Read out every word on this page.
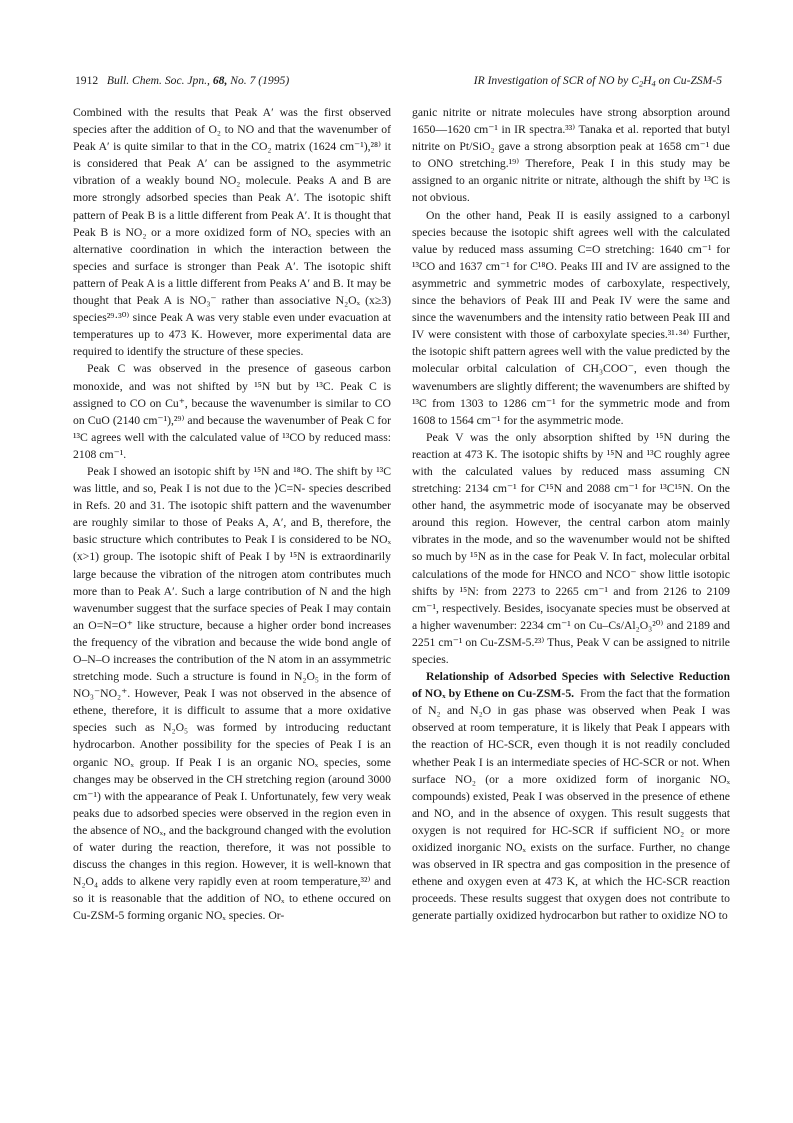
1912 Bull. Chem. Soc. Jpn., 68, No. 7 (1995)	IR Investigation of SCR of NO by $C_2H_4$ on Cu-ZSM-5

Combined with the results that Peak A′ was the first observed species after the addition of O₂ to NO and that the wavenumber of Peak A′ is quite similar to that in the CO₂ matrix (1624 cm⁻¹),²⁸⁾ it is considered that Peak A′ can be assigned to the asymmetric vibration of a weakly bound NO₂ molecule. Peaks A and B are more strongly adsorbed species than Peak A′. The isotopic shift pattern of Peak B is a little different from Peak A′. It is thought that Peak B is NO₂ or a more oxidized form of NOₓ species with an alternative coordination in which the interaction between the species and surface is stronger than Peak A′. The isotopic shift pattern of Peak A is a little different from Peaks A′ and B. It may be thought that Peak A is NO₃⁻ rather than associative N₂Oₓ (x≥3) species²⁹·³⁰⁾ since Peak A was very stable even under evacuation at temperatures up to 473 K. However, more experimental data are required to identify the structure of these species.

Peak C was observed in the presence of gaseous carbon monoxide, and was not shifted by ¹⁵N but by ¹³C. Peak C is assigned to CO on Cu⁺, because the wavenumber is similar to CO on CuO (2140 cm⁻¹),²⁹⁾ and because the wavenumber of Peak C for ¹³C agrees well with the calculated value of ¹³CO by reduced mass: 2108 cm⁻¹.

Peak I showed an isotopic shift by ¹⁵N and ¹⁸O. The shift by ¹³C was little, and so, Peak I is not due to the ⟩C=N- species described in Refs. 20 and 31. The isotopic shift pattern and the wavenumber are roughly similar to those of Peaks A, A′, and B, therefore, the basic structure which contributes to Peak I is considered to be NOₓ (x>1) group. The isotopic shift of Peak I by ¹⁵N is extraordinarily large because the vibration of the nitrogen atom contributes much more than to Peak A′. Such a large contribution of N and the high wavenumber suggest that the surface species of Peak I may contain an O=N=O⁺ like structure, because a higher order bond increases the frequency of the vibration and because the wide bond angle of O–N–O increases the contribution of the N atom in an assymmetric stretching mode. Such a structure is found in N₂O₅ in the form of NO₃⁻NO₂⁺. However, Peak I was not observed in the absence of ethene, therefore, it is difficult to assume that a more oxidative species such as N₂O₅ was formed by introducing reductant hydrocarbon. Another possibility for the species of Peak I is an organic NOₓ group. If Peak I is an organic NOₓ species, some changes may be observed in the CH stretching region (around 3000 cm⁻¹) with the appearance of Peak I. Unfortunately, few very weak peaks due to adsorbed species were observed in the region even in the absence of NOₓ, and the background changed with the evolution of water during the reaction, therefore, it was not possible to discuss the changes in this region. However, it is well-known that N₂O₄ adds to alkene very rapidly even at room temperature,³²⁾ and so it is reasonable that the addition of NOₓ to ethene occured on Cu-ZSM-5 forming organic NOₓ species. Or-

ganic nitrite or nitrate molecules have strong absorption around 1650—1620 cm⁻¹ in IR spectra.³³⁾ Tanaka et al. reported that butyl nitrite on Pt/SiO₂ gave a strong absorption peak at 1658 cm⁻¹ due to ONO stretching.¹⁹⁾ Therefore, Peak I in this study may be assigned to an organic nitrite or nitrate, although the shift by ¹³C is not obvious.

On the other hand, Peak II is easily assigned to a carbonyl species because the isotopic shift agrees well with the calculated value by reduced mass assuming C=O stretching: 1640 cm⁻¹ for ¹³CO and 1637 cm⁻¹ for C¹⁸O. Peaks III and IV are assigned to the asymmetric and symmetric modes of carboxylate, respectively, since the behaviors of Peak III and Peak IV were the same and since the wavenumbers and the intensity ratio between Peak III and IV were consistent with those of carboxylate species.³¹·³⁴⁾ Further, the isotopic shift pattern agrees well with the value predicted by the molecular orbital calculation of CH₃COO⁻, even though the wavenumbers are slightly different; the wavenumbers are shifted by ¹³C from 1303 to 1286 cm⁻¹ for the symmetric mode and from 1608 to 1564 cm⁻¹ for the asymmetric mode.

Peak V was the only absorption shifted by ¹⁵N during the reaction at 473 K. The isotopic shifts by ¹⁵N and ¹³C roughly agree with the calculated values by reduced mass assuming CN stretching: 2134 cm⁻¹ for C¹⁵N and 2088 cm⁻¹ for ¹³C¹⁵N. On the other hand, the asymmetric mode of isocyanate may be observed around this region. However, the central carbon atom mainly vibrates in the mode, and so the wavenumber would not be shifted so much by ¹⁵N as in the case for Peak V. In fact, molecular orbital calculations of the mode for HNCO and NCO⁻ show little isotopic shifts by ¹⁵N: from 2273 to 2265 cm⁻¹ and from 2126 to 2109 cm⁻¹, respectively. Besides, isocyanate species must be observed at a higher wavenumber: 2234 cm⁻¹ on Cu–Cs/Al₂O₃²⁰⁾ and 2189 and 2251 cm⁻¹ on Cu-ZSM-5.²³⁾ Thus, Peak V can be assigned to nitrile species.

Relationship of Adsorbed Species with Selective Reduction of NOₓ by Ethene on Cu-ZSM-5. From the fact that the formation of N₂ and N₂O in gas phase was observed when Peak I was observed at room temperature, it is likely that Peak I appears with the reaction of HC-SCR, even though it is not readily concluded whether Peak I is an intermediate species of HC-SCR or not. When surface NO₂ (or a more oxidized form of inorganic NOₓ compounds) existed, Peak I was observed in the presence of ethene and NO, and in the absence of oxygen. This result suggests that oxygen is not required for HC-SCR if sufficient NO₂ or more oxidized inorganic NOₓ exists on the surface. Further, no change was observed in IR spectra and gas composition in the presence of ethene and oxygen even at 473 K, at which the HC-SCR reaction proceeds. These results suggest that oxygen does not contribute to generate partially oxidized hydrocarbon but rather to oxidize NO to
